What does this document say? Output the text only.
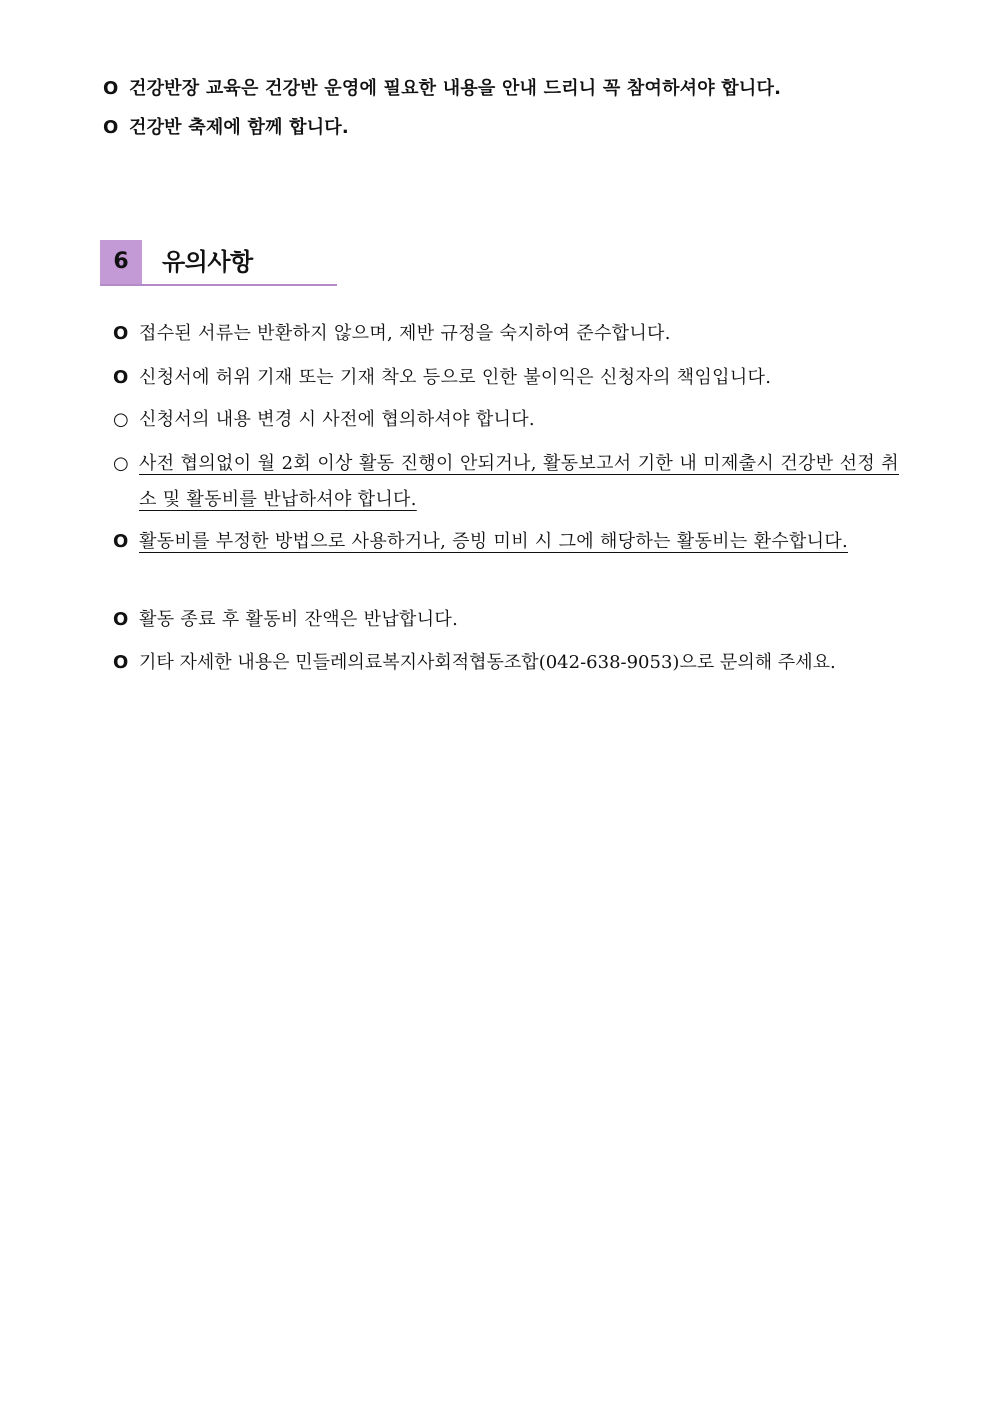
O 건강반장 교육은 건강반 운영에 필요한 내용을 안내 드리니 꼭 참여하셔야 합니다.
O 건강반 축제에 함께 합니다.
6	유의사항
O 접수된 서류는 반환하지 않으며, 제반 규정을 숙지하여 준수합니다.
O 신청서에 허위 기재 또는 기재 착오 등으로 인한 불이익은 신청자의 책임입니다.
○ 신청서의 내용 변경 시 사전에 협의하셔야 합니다.
○ 사전 협의없이 월 2회 이상 활동 진행이 안되거나, 활동보고서 기한 내 미제출시 건강반 선정 취소 및 활동비를 반납하셔야 합니다.
O 활동비를 부정한 방법으로 사용하거나, 증빙 미비 시 그에 해당하는 활동비는 환수합니다.
O 활동 종료 후 활동비 잔액은 반납합니다.
O 기타 자세한 내용은 민들레의료복지사회적협동조합(042-638-9053)으로 문의해 주세요.
